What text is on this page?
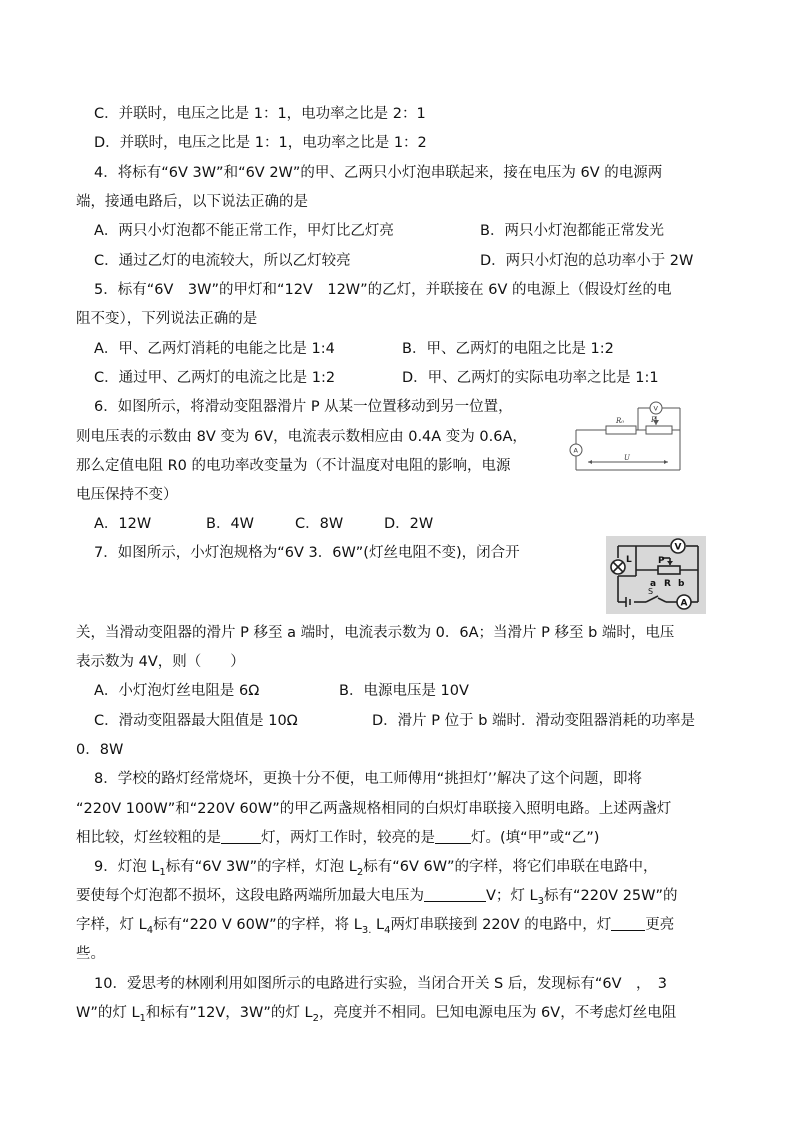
C．并联时，电压之比是 1：1，电功率之比是 2：1
D．并联时，电压之比是 1：1，电功率之比是 1：2
4．将标有“6V 3W”和“6V 2W”的甲、乙两只小灯泡串联起来，接在电压为 6V 的电源两
端，接通电路后，以下说法正确的是
A．两只小灯泡都不能正常工作，甲灯比乙灯亮	B．两只小灯泡都能正常发光
C．通过乙灯的电流较大，所以乙灯较亮	D．两只小灯泡的总功率小于 2W
5．标有“6V　3W”的甲灯和“12V　12W”的乙灯，并联接在 6V 的电源上（假设灯丝的电
阻不变），下列说法正确的是
A．甲、乙两灯消耗的电能之比是 1:4	B．甲、乙两灯的电阻之比是 1:2
C．通过甲、乙两灯的电流之比是 1:2	D．甲、乙两灯的实际电功率之比是 1:1
6．如图所示，将滑动变阻器滑片 P 从某一位置移动到另一位置，
则电压表的示数由 8V 变为 6V，电流表示数相应由 0.4A 变为 0.6A，
那么定值电阻 R0 的电功率改变量为（不计温度对电阻的影响，电源
电压保持不变）
A．12W	B．4W	C．8W	D．2W
R₀	P
V
A
U
7．如图所示，小灯泡规格为“6V 3．6W”(灯丝电阻不变)，闭合开	L
V
P
a R b
S
A
关，当滑动变阻器的滑片 P 移至 a 端时，电流表示数为 0．6A；当滑片 P 移至 b 端时，电压
表示数为 4V，则（　　）
A．小灯泡灯丝电阻是 6Ω	B．电源电压是 10V
C．滑动变阻器最大阻值是 10Ω	D．滑片 P 位于 b 端时．滑动变阻器消耗的功率是
0．8W
8．学校的路灯经常烧坏，更换十分不便，电工师傅用“挑担灯’’解决了这个问题，即将
“220V 100W”和“220V 60W”的甲乙两盏规格相同的白炽灯串联接入照明电路。上述两盏灯
相比较，灯丝较粗的是	灯，两灯工作时，较亮的是 灯。(填“甲”或“乙”)
9．灯泡 $L_1$标有“6V 3W”的字样，灯泡 $L_2$标有“6V 6W”的字样，将它们串联在电路中，
要使每个灯泡都不损坏，这段电路两端所加最大电压为	V；灯 $L_3$标有“220V 25W”的
字样，灯 $L_4$标有“220 V 60W”的字样，将 $L_{3.}$ $L_4$两灯串联接到 220V 的电路中，灯 更亮
些。
10．爱思考的林刚利用如图所示的电路进行实验，当闭合开关 S 后，发现标有“6V　，　3
W”的灯 $L_1$和标有”12V，3W”的灯 $L_2$，亮度并不相同。巳知电源电压为 6V，不考虑灯丝电阻
